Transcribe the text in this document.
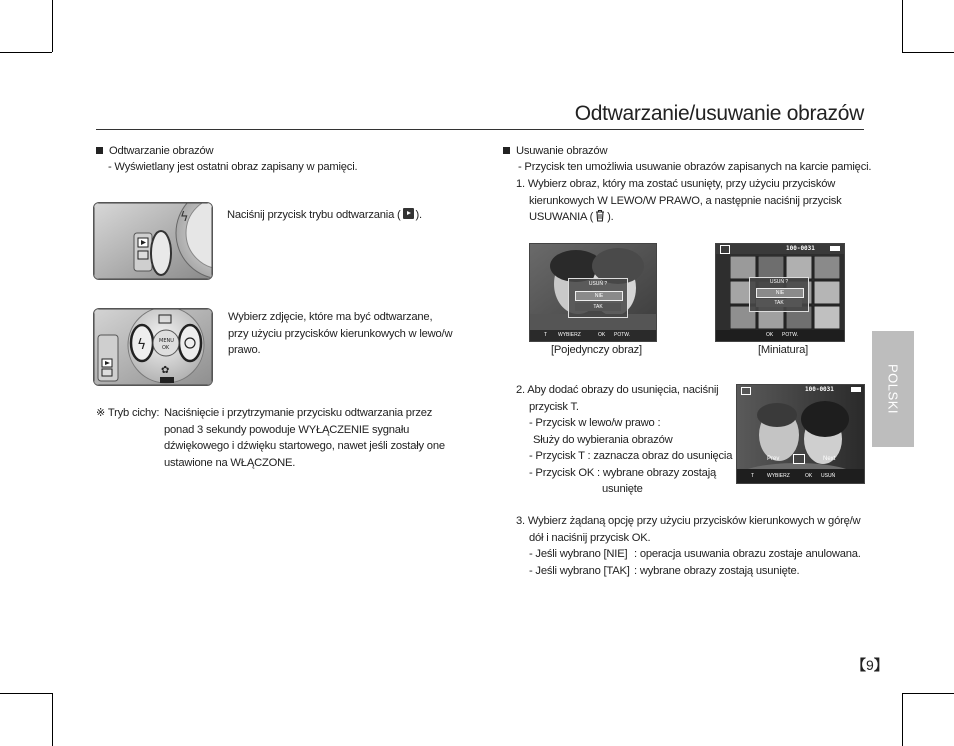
Odtwarzanie/usuwanie obrazów
Odtwarzanie obrazów
- Wyświetlany jest ostatni obraz zapisany w pamięci.
ϟ	Naciśnij przycisk trybu odtwarzania ( ).
ϟ	MENU
OK
✿
Wybierz zdjęcie, które ma być odtwarzane,
przy użyciu przycisków kierunkowych w lewo/w
prawo.
※ Tryb cichy: Naciśnięcie i przytrzymanie przycisku odtwarzania przez
ponad 3 sekundy powoduje WYŁĄCZENIE sygnału
dźwiękowego i dźwięku startowego, nawet jeśli zostały one
ustawione na WŁĄCZONE.
Usuwanie obrazów
- Przycisk ten umożliwia usuwanie obrazów zapisanych na karcie pamięci.
1. Wybierz obraz, który ma zostać usunięty, przy użyciu przycisków
kierunkowych W LEWO/W PRAWO, a następnie naciśnij przycisk
USUWANIA ( ).
USUŃ ?
NIE
TAK
T WYBIERZ	OK POTW.
[Pojedynczy obraz]
100-0031
USUŃ ?
NIE
TAK
OK POTW.
[Miniatura]
2. Aby dodać obrazy do usunięcia, naciśnij
przycisk T.
- Przycisk w lewo/w prawo :
Służy do wybierania obrazów
- Przycisk T : zaznacza obraz do usunięcia
- Przycisk OK : wybrane obrazy zostają
usunięte
100-0031
Prev	Next
T	WYBIERZ	OK USUŃ
3. Wybierz żądaną opcję przy użyciu przycisków kierunkowych w górę/w
dół i naciśnij przycisk OK.
- Jeśli wybrano [NIE] : operacja usuwania obrazu zostaje anulowana.
- Jeśli wybrano [TAK] : wybrane obrazy zostają usunięte.
POLSKI
【9】
